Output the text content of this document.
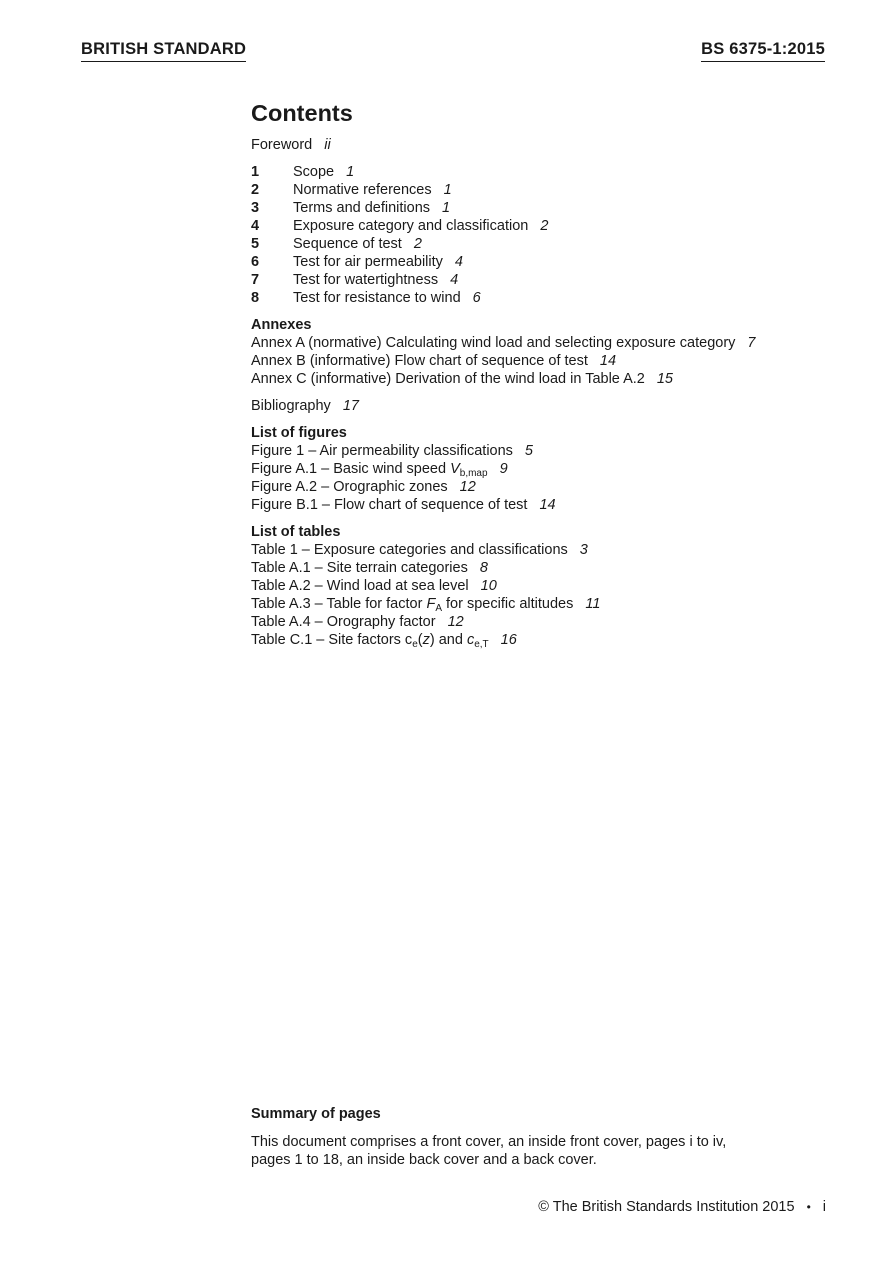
BRITISH STANDARD	BS 6375-1:2015
Contents
Foreword ii
1 Scope 1
2 Normative references 1
3 Terms and definitions 1
4 Exposure category and classification 2
5 Sequence of test 2
6 Test for air permeability 4
7 Test for watertightness 4
8 Test for resistance to wind 6
Annexes
Annex A (normative) Calculating wind load and selecting exposure category 7
Annex B (informative) Flow chart of sequence of test 14
Annex C (informative) Derivation of the wind load in Table A.2 15
Bibliography 17
List of figures
Figure 1 – Air permeability classifications 5
Figure A.1 – Basic wind speed $V_{b,map}$ 9
Figure A.2 – Orographic zones 12
Figure B.1 – Flow chart of sequence of test 14
List of tables
Table 1 – Exposure categories and classifications 3
Table A.1 – Site terrain categories 8
Table A.2 – Wind load at sea level 10
Table A.3 – Table for factor $F_A$ for specific altitudes 11
Table A.4 – Orography factor 12
Table C.1 – Site factors $c_e(z)$ and $c_{e,T}$ 16
Summary of pages
This document comprises a front cover, an inside front cover, pages i to iv,
pages 1 to 18, an inside back cover and a back cover.
© The British Standards Institution 2015 • i
